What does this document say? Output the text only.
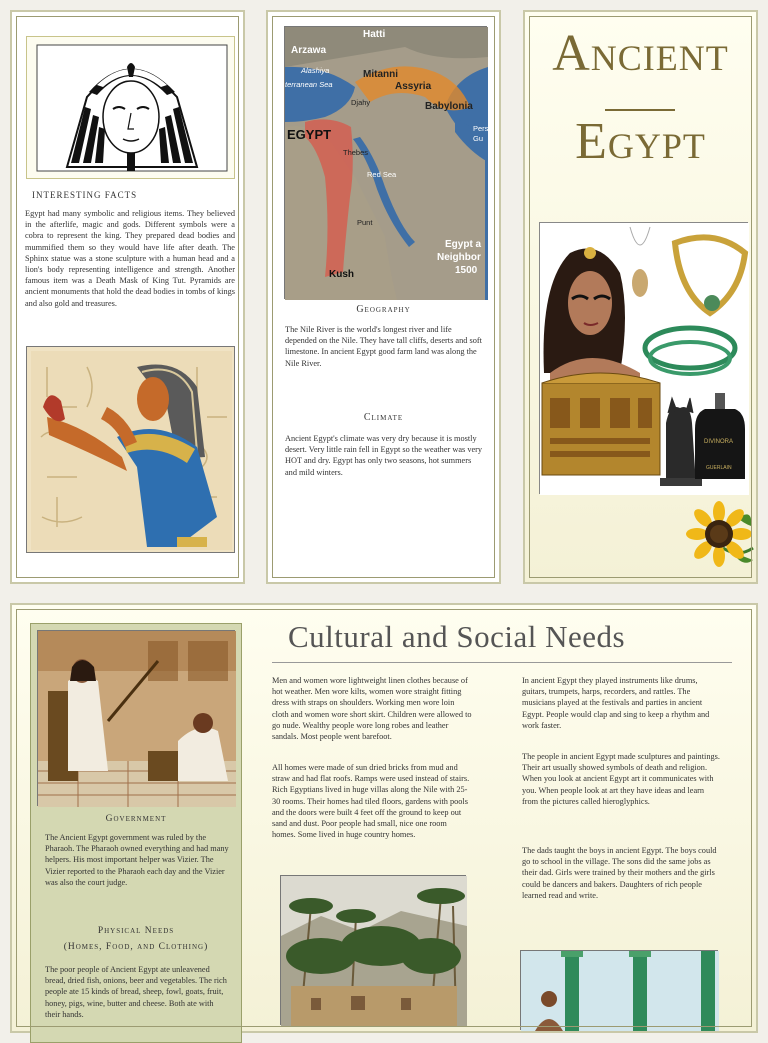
INTERESTING FACTS

Egypt had many symbolic and religious items. They believed in the afterlife, magic and gods. Different symbols were a cobra to represent the king. They prepared dead bodies and mummified them so they would have life after death. The Sphinx statue was a stone sculpture with a human head and a lion's body representing intelligence and strength. Another famous item was a Death Mask of King Tut. Pyramids are ancient monuments that hold the dead bodies in tombs of kings and also gold and treasures.

Hatti
Arzawa
Mitanni
Assyria
Babylonia
EGYPT
Kush
Egypt a
Neighbor
1500
Alashiya
terranean Sea
Djahy
Thebes
Persi
Gu
Red Sea
Punt
Geography

The Nile River is the world's longest river and life depended on the Nile. They have tall cliffs, deserts and soft limestone. In ancient Egypt good farm land was along the Nile River.

Climate

Ancient Egypt's climate was very dry because it is mostly desert. Very little rain fell in Egypt so the weather was very HOT and dry. Egypt has only two seasons, hot summers and mild winters.

Ancient
Egypt
DIVINORA
GUERLAIN
Government

The Ancient Egypt government was ruled by the Pharaoh. The Pharaoh owned everything and had many helpers. His most important helper was Vizier. The Vizier reported to the Pharaoh each day and the Vizier was also the court judge.

Physical Needs
(Homes, Food, and Clothing)

The poor people of Ancient Egypt ate unleavened bread, dried fish, onions, beer and vegetables. The rich people ate 15 kinds of bread, sheep, fowl, goats, fruit, honey, pigs, wine, butter and cheese. Both ate with their hands.

Cultural and Social Needs

Men and women wore lightweight linen clothes because of hot weather. Men wore kilts, women wore straight fitting dress with straps on shoulders. Working men wore loin cloth and women wore short skirt. Children were allowed to go nude. Wealthy people wore long robes and leather sandals. Most people went barefoot.

All homes were made of sun dried bricks from mud and straw and had flat roofs. Ramps were used instead of stairs. Rich Egyptians lived in huge villas along the Nile with 25-30 rooms. Their homes had tiled floors, gardens with pools and the doors were built 4 feet off the ground to keep out sand and dust. Poor people had small, nice one room homes. Some lived in huge country homes.

In ancient Egypt they played instruments like drums, guitars, trumpets, harps, recorders, and rattles. The musicians played at the festivals and parties in ancient Egypt. People would clap and sing to keep a rhythm and work faster.

The people in ancient Egypt made sculptures and paintings. Their art usually showed symbols of death and religion. When you look at ancient Egypt art it communicates with you. When people look at art they have ideas and learn from the pictures called hieroglyphics.

The dads taught the boys in ancient Egypt. The boys could go to school in the village. The sons did the same jobs as their dad. Girls were trained by their mothers and the girls could be dancers and bakers. Daughters of rich people learned read and write.
